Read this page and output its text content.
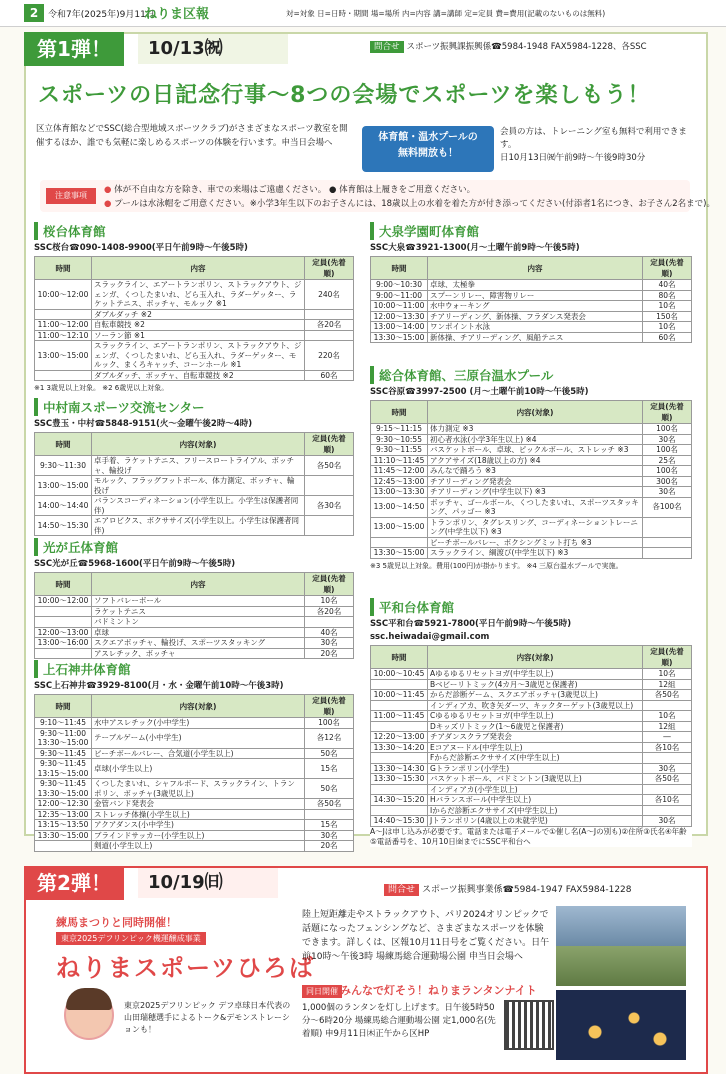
2	令和7年(2025年)9月11日
ねりま区報	対=対象 日=日時・期間 場=場所 内=内容 講=講師 定=定員 費=費用(記載のないものは無料)
第1弾！	10/13㈷	問合せ スポーツ振興課振興係☎5984-1948 FAX5984-1228、各SSC
スポーツの日記念行事～8つの会場でスポーツを楽しもう！
区立体育館などでSSC(総合型地域スポーツクラブ)がさまざまなスポーツ教室を開催するほか、誰でも気軽に楽しめるスポーツの体験を行います。申当日会場へ	体育館・温水プールの
無料開放も！
会員の方は、トレーニング室も無料で利用できます。
日10月13日㈷午前9時～午後9時30分
注意事項
● 体が不自由な方を除き、車での来場はご遠慮ください。 ● 体育館は上履きをご用意ください。
● プールは水泳帽をご用意ください。※小学3年生以下のお子さんには、18歳以上の水着を着た方が付き添ってください(付添者1名につき、お子さん2名まで)。
桜台体育館
SSC桜台☎090-1408-9900(平日午前9時～午後5時)
時間	内容	定員(先着順)
10:00～12:00	スラックライン、エアートランポリン、ストラックアウト、ジェンガ、くつしたまいれ、どら玉入れ、ラダーゲッター、ラケットテニス、ボッチャ、モルック ※1	240名
	ダブルダッチ ※2	
11:00～12:00	自転車競技 ※2	各20名
11:00～12:10	ソーラン節 ※1	
13:00～15:00	スラックライン、エアートランポリン、ストラックアウト、ジェンガ、くつしたまいれ、どら玉入れ、ラダーゲッター、モルック、まくろキャッチ、コーンホール ※1	220名
	ダブルダッチ、ボッチャ、自転車競技 ※2	60名
※1 3歳児以上対象。 ※2 6歳児以上対象。
中村南スポーツ交流センター
SSC豊玉・中村☎5848-9151(火～金曜午後2時～4時)
時間	内容(対象)	定員(先着順)
9:30～11:30	卓手着、ラケットテニス、フリースロートライアル、ボッチャ、輪投げ	各50名
13:00～15:00	モルック、フラッグフットボール、体力測定、ボッチャ、輪投げ	
14:00～14:40	バランスコーディネーション(小学生以上。小学生は保護者同伴)	各30名
14:50～15:30	エアロビクス、ボクササイズ(小学生以上。小学生は保護者同伴)	
光が丘体育館
SSC光が丘☎5968-1600(平日午前9時～午後5時)
時間	内容	定員(先着順)
10:00～12:00	ソフトバレーボール	10名
	ラケットテニス	各20名
	バドミントン	
12:00～13:00	卓球	40名
13:00～16:00	スクエアボッチャ、輪投げ、スポーツスタッキング	30名
	アスレチック、ボッチャ	20名
上石神井体育館
SSC上石神井☎3929-8100(月・水・金曜午前10時～午後3時)
時間	内容(対象)	定員(先着順)
9:10～11:45	水中アスレチック(小中学生)	100名
9:30～11:00 13:30～15:00	テーブルゲーム(小中学生)	各12名
9:30～11:45	ビーチボールバレー、合気道(小学生以上)	50名
9:30～11:45 13:15～15:00	卓球(小学生以上)	15名
9:30～11:45 13:30～15:00	くつしたまいれ、シャフルボード、スラックライン、トランポリン、ボッチャ(3歳児以上)	50名
12:00～12:30	金管バンド発表会	各50名
12:35～13:00	ストレッチ体操(小学生以上)	
13:15～13:50	アクアダンス(小中学生)	15名
13:30～15:00	ブラインドサッカー(小学生以上)	30名
	剣道(小学生以上)	20名
大泉学園町体育館
SSC大泉☎3921-1300(月～土曜午前9時～午後5時)
時間	内容	定員(先着順)
9:00～10:30	卓球、太極拳	40名
9:00～11:00	スプーンリレー、障害物リレー	80名
10:00～11:00	水中ウォーキング	10名
12:00～13:30	チアリーディング、新体操、フラダンス発表会	150名
13:00～14:00	ワンポイント水泳	10名
13:30～15:00	新体操、チアリーディング、風船テニス	60名
総合体育館、三原台温水プール
SSC谷原☎3997-2500 (月～土曜午前10時～午後5時)
時間	内容(対象)	定員(先着順)
9:15～11:15	体力測定 ※3	100名
9:30～10:55	初心者水泳(小学3年生以上) ※4	30名
9:30～11:55	バスケットボール、卓球、ピックルボール、ストレッチ ※3	100名
11:10～11:45	アクアサイズ(18歳以上の方) ※4	25名
11:45～12:00	みんなで踊ろう ※3	100名
12:45～13:00	チアリーディング発表会	300名
13:00～13:30	チアリーディング(中学生以下) ※3	30名
13:00～14:50	ボッチャ、ゴールボール、くつしたまいれ、スポーツスタッキング、パッゴー ※3	各100名
13:00～15:00	トランポリン、タグレスリング、コーディネーショントレーニング(中学生以下) ※3	
	ビーチボールバレー、ボクシングミット打ち ※3	
13:30～15:00	スラックライン、綱渡び(中学生以下) ※3	
※3 5歳児以上対象。費用(100円)が掛かります。 ※4 三原台温水プールで実施。
平和台体育館
SSC平和台☎5921-7800(平日午前9時～午後5時)
ssc.heiwadai@gmail.com
時間	内容(対象)	定員(先着順)
10:00～10:45	Aゆるゆるリセットヨガ(中学生以上)	10名
	Bベビーリトミック(4カ月～3歳児と保護者)	12組
10:00～11:45	からだ診断ゲーム、スクエアボッチャ(3歳児以上)	各50名
	インディアカ、吹き矢ダーツ、キックターゲット(3歳児以上)	
11:00～11:45	Cゆるゆるリセットヨガ(中学生以上)	10名
	Dキッズリトミック(1～6歳児と保護者)	12組
12:20～13:00	チアダンスクラブ発表会	―
13:30～14:20	Eコアヌードル(中学生以上)	各10名
	Fからだ診断エクササイズ(中学生以上)	
13:30～14:30	Gトランポリン(小学生)	30名
13:30～15:30	バスケットボール、バドミントン(3歳児以上)	各50名
	インディアカ(小学生以上)	
14:30～15:20	Hバランスボール(中学生以上)	各10名
	Iからだ診断エクササイズ(中学生以上)	
14:40～15:30	Jトランポリン(4歳以上の未就学児)	30名
A～Jは申し込みが必要です。電話または電子メールで①催し名(A～Jの別も)②住所③氏名④年齢⑤電話番号を、10月10日㈮までにSSC平和台へ
第2弾！	10/19㈰	問合せ スポーツ振興事業係☎5984-1947 FAX5984-1228
練馬まつりと同時開催！
東京2025デフリンピック機運醸成事業
ねりまスポーツひろば
東京2025デフリンピック デフ卓球日本代表の山田瑞穂選手によるトーク&デモンストレーションも！
陸上短距離走やストラックアウト、パリ2024オリンピックで話題になったフェンシングなど、さまざまなスポーツを体験できます。詳しくは、区報10月11日号をご覧ください。日午前10時～午後3時 場練馬総合運動場公園 申当日会場へ
同日開催 みんなで灯そう！ねりまランタンナイト
1,000個のランタンを灯し上げます。日午後5時50分～6時20分 場練馬総合運動場公園 定1,000名(先着順) 申9月11日㈭正午から区HP
